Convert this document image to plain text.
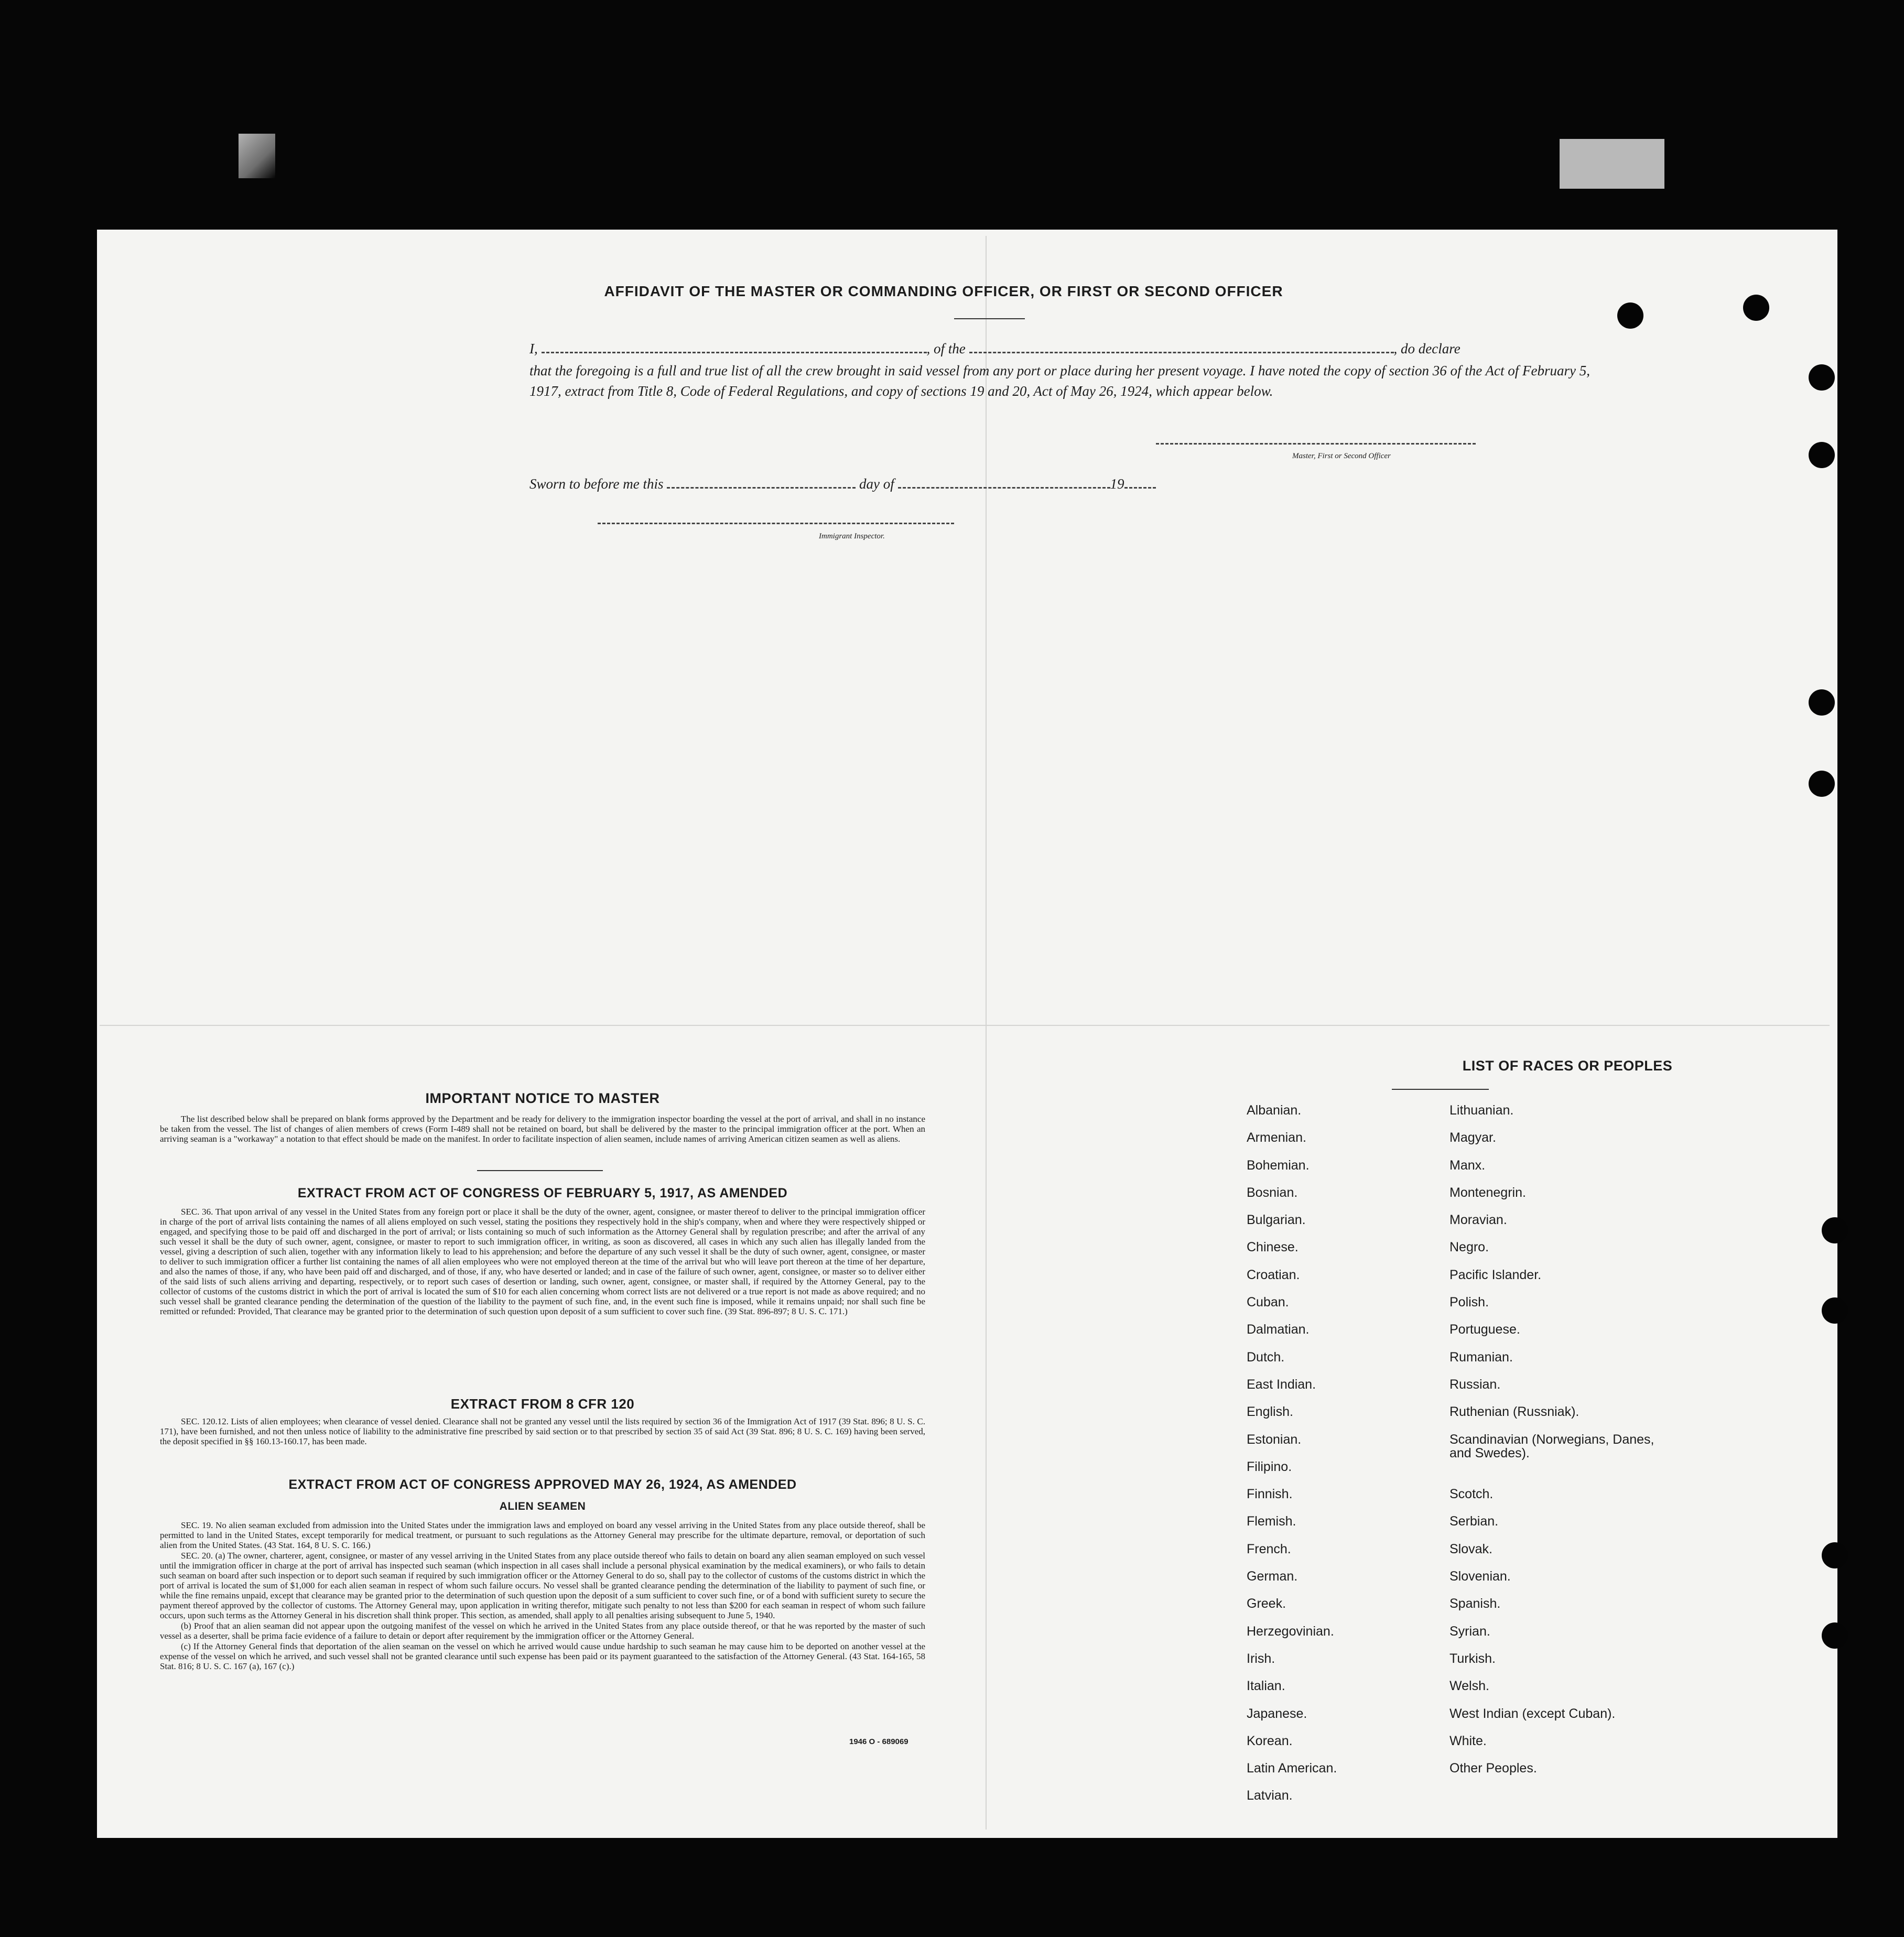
AFFIDAVIT OF THE MASTER OR COMMANDING OFFICER, OR FIRST OR SECOND OFFICER
I,	, of the	, do declare
that the foregoing is a full and true list of all the crew brought in said vessel from any port or place during her present voyage. I have noted the copy of section 36 of the Act of February 5, 1917, extract from Title 8, Code of Federal Regulations, and copy of sections 19 and 20, Act of May 26, 1924, which appear below.
Master, First or Second Officer
Sworn to before me this	day of	19
Immigrant Inspector.
IMPORTANT NOTICE TO MASTER

The list described below shall be prepared on blank forms approved by the Department and be ready for delivery to the immigration inspector boarding the vessel at the port of arrival, and shall in no instance be taken from the vessel. The list of changes of alien members of crews (Form I-489 shall not be retained on board, but shall be delivered by the master to the principal immigration officer at the port. When an arriving seaman is a "workaway" a notation to that effect should be made on the manifest. In order to facilitate inspection of alien seamen, include names of arriving American citizen seamen as well as aliens.

EXTRACT FROM ACT OF CONGRESS OF FEBRUARY 5, 1917, AS AMENDED

SEC. 36. That upon arrival of any vessel in the United States from any foreign port or place it shall be the duty of the owner, agent, consignee, or master thereof to deliver to the principal immigration officer in charge of the port of arrival lists containing the names of all aliens employed on such vessel, stating the positions they respectively hold in the ship's company, when and where they were respectively shipped or engaged, and specifying those to be paid off and discharged in the port of arrival; or lists containing so much of such information as the Attorney General shall by regulation prescribe; and after the arrival of any such vessel it shall be the duty of such owner, agent, consignee, or master to report to such immigration officer, in writing, as soon as discovered, all cases in which any such alien has illegally landed from the vessel, giving a description of such alien, together with any information likely to lead to his apprehension; and before the departure of any such vessel it shall be the duty of such owner, agent, consignee, or master to deliver to such immigration officer a further list containing the names of all alien employees who were not employed thereon at the time of the arrival but who will leave port thereon at the time of her departure, and also the names of those, if any, who have been paid off and discharged, and of those, if any, who have deserted or landed; and in case of the failure of such owner, agent, consignee, or master so to deliver either of the said lists of such aliens arriving and departing, respectively, or to report such cases of desertion or landing, such owner, agent, consignee, or master shall, if required by the Attorney General, pay to the collector of customs of the customs district in which the port of arrival is located the sum of $10 for each alien concerning whom correct lists are not delivered or a true report is not made as above required; and no such vessel shall be granted clearance pending the determination of the question of the liability to the payment of such fine, and, in the event such fine is imposed, while it remains unpaid; nor shall such fine be remitted or refunded: Provided, That clearance may be granted prior to the determination of such question upon deposit of a sum sufficient to cover such fine. (39 Stat. 896-897; 8 U. S. C. 171.)

EXTRACT FROM 8 CFR 120

SEC. 120.12. Lists of alien employees; when clearance of vessel denied. Clearance shall not be granted any vessel until the lists required by section 36 of the Immigration Act of 1917 (39 Stat. 896; 8 U. S. C. 171), have been furnished, and not then unless notice of liability to the administrative fine prescribed by said section or to that prescribed by section 35 of said Act (39 Stat. 896; 8 U. S. C. 169) having been served, the deposit specified in §§ 160.13-160.17, has been made.

EXTRACT FROM ACT OF CONGRESS APPROVED MAY 26, 1924, AS AMENDED
ALIEN SEAMEN

SEC. 19. No alien seaman excluded from admission into the United States under the immigration laws and employed on board any vessel arriving in the United States from any place outside thereof, shall be permitted to land in the United States, except temporarily for medical treatment, or pursuant to such regulations as the Attorney General may prescribe for the ultimate departure, removal, or deportation of such alien from the United States. (43 Stat. 164, 8 U. S. C. 166.)

SEC. 20. (a) The owner, charterer, agent, consignee, or master of any vessel arriving in the United States from any place outside thereof who fails to detain on board any alien seaman employed on such vessel until the immigration officer in charge at the port of arrival has inspected such seaman (which inspection in all cases shall include a personal physical examination by the medical examiners), or who fails to detain such seaman on board after such inspection or to deport such seaman if required by such immigration officer or the Attorney General to do so, shall pay to the collector of customs of the customs district in which the port of arrival is located the sum of $1,000 for each alien seaman in respect of whom such failure occurs. No vessel shall be granted clearance pending the determination of the liability to payment of such fine, or while the fine remains unpaid, except that clearance may be granted prior to the determination of such question upon the deposit of a sum sufficient to cover such fine, or of a bond with sufficient surety to secure the payment thereof approved by the collector of customs. The Attorney General may, upon application in writing therefor, mitigate such penalty to not less than $200 for each seaman in respect of whom such failure occurs, upon such terms as the Attorney General in his discretion shall think proper. This section, as amended, shall apply to all penalties arising subsequent to June 5, 1940.

(b) Proof that an alien seaman did not appear upon the outgoing manifest of the vessel on which he arrived in the United States from any place outside thereof, or that he was reported by the master of such vessel as a deserter, shall be prima facie evidence of a failure to detain or deport after requirement by the immigration officer or the Attorney General.

(c) If the Attorney General finds that deportation of the alien seaman on the vessel on which he arrived would cause undue hardship to such seaman he may cause him to be deported on another vessel at the expense of the vessel on which he arrived, and such vessel shall not be granted clearance until such expense has been paid or its payment guaranteed to the satisfaction of the Attorney General. (43 Stat. 164-165, 58 Stat. 816; 8 U. S. C. 167 (a), 167 (c).)

1946 O - 689069
LIST OF RACES OR PEOPLES
Albanian.
Armenian.
Bohemian.
Bosnian.
Bulgarian.
Chinese.
Croatian.
Cuban.
Dalmatian.
Dutch.
East Indian.
English.
Estonian.
Filipino.
Finnish.
Flemish.
French.
German.
Greek.
Herzegovinian.
Irish.
Italian.
Japanese.
Korean.
Latin American.
Latvian.
Lithuanian.
Magyar.
Manx.
Montenegrin.
Moravian.
Negro.
Pacific Islander.
Polish.
Portuguese.
Rumanian.
Russian.
Ruthenian (Russniak).
Scandinavian (Norwegians, Danes, and Swedes).
Scotch.
Serbian.
Slovak.
Slovenian.
Spanish.
Syrian.
Turkish.
Welsh.
West Indian (except Cuban).
White.
Other Peoples.
